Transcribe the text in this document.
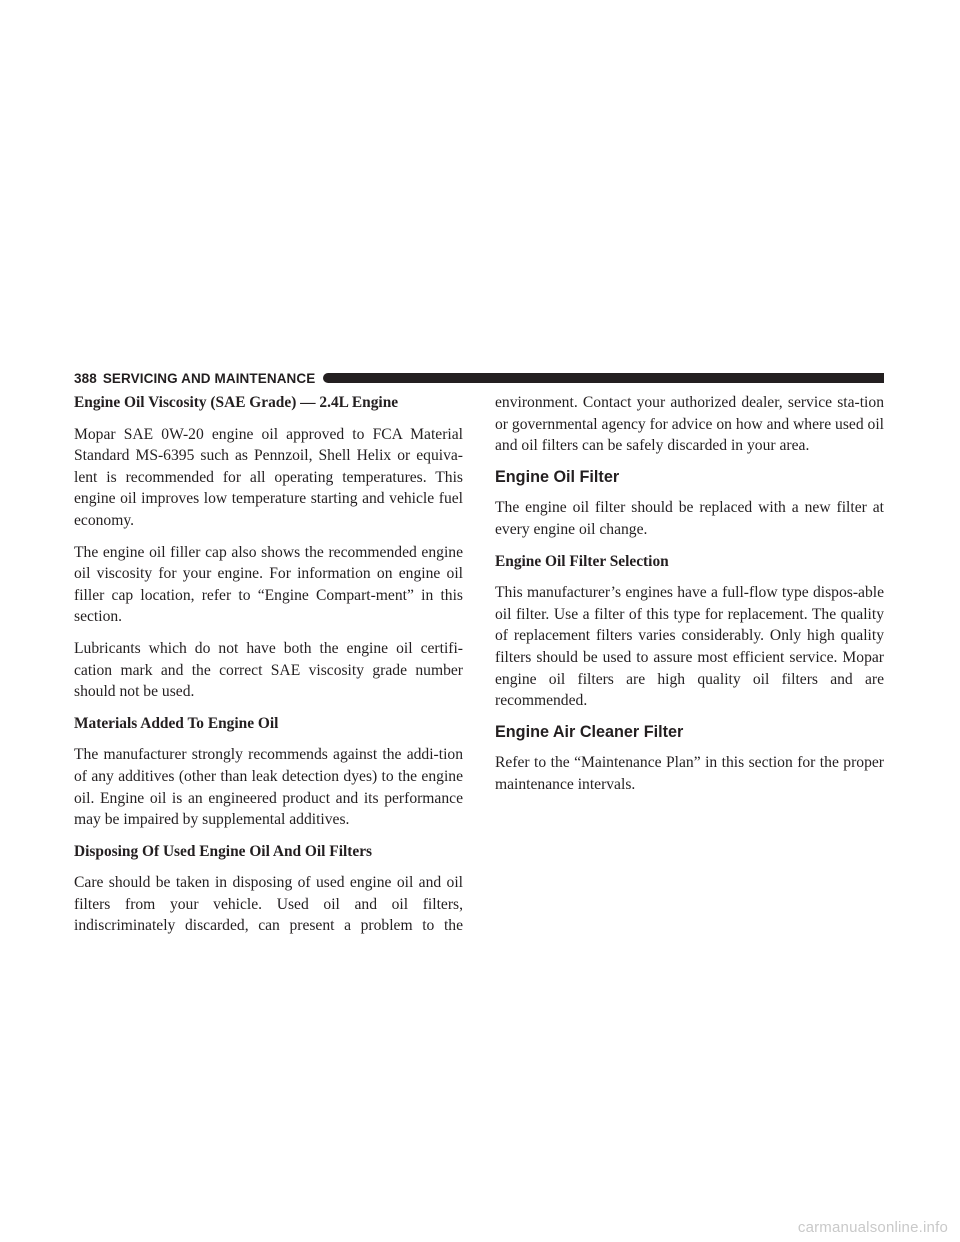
388 SERVICING AND MAINTENANCE
Engine Oil Viscosity (SAE Grade) — 2.4L Engine

Mopar SAE 0W-20 engine oil approved to FCA Material Standard MS-6395 such as Pennzoil, Shell Helix or equiva-lent is recommended for all operating temperatures. This engine oil improves low temperature starting and vehicle fuel economy.

The engine oil filler cap also shows the recommended engine oil viscosity for your engine. For information on engine oil filler cap location, refer to “Engine Compart-ment” in this section.

Lubricants which do not have both the engine oil certifi-cation mark and the correct SAE viscosity grade number should not be used.

Materials Added To Engine Oil

The manufacturer strongly recommends against the addi-tion of any additives (other than leak detection dyes) to the engine oil. Engine oil is an engineered product and its performance may be impaired by supplemental additives.

Disposing Of Used Engine Oil And Oil Filters

Care should be taken in disposing of used engine oil and oil filters from your vehicle. Used oil and oil filters, indiscriminately discarded, can present a problem to the

environment. Contact your authorized dealer, service sta-tion or governmental agency for advice on how and where used oil and oil filters can be safely discarded in your area.

Engine Oil Filter

The engine oil filter should be replaced with a new filter at every engine oil change.

Engine Oil Filter Selection

This manufacturer’s engines have a full-flow type dispos-able oil filter. Use a filter of this type for replacement. The quality of replacement filters varies considerably. Only high quality filters should be used to assure most efficient service. Mopar engine oil filters are high quality oil filters and are recommended.

Engine Air Cleaner Filter

Refer to the “Maintenance Plan” in this section for the proper maintenance intervals.

carmanualsonline.info
